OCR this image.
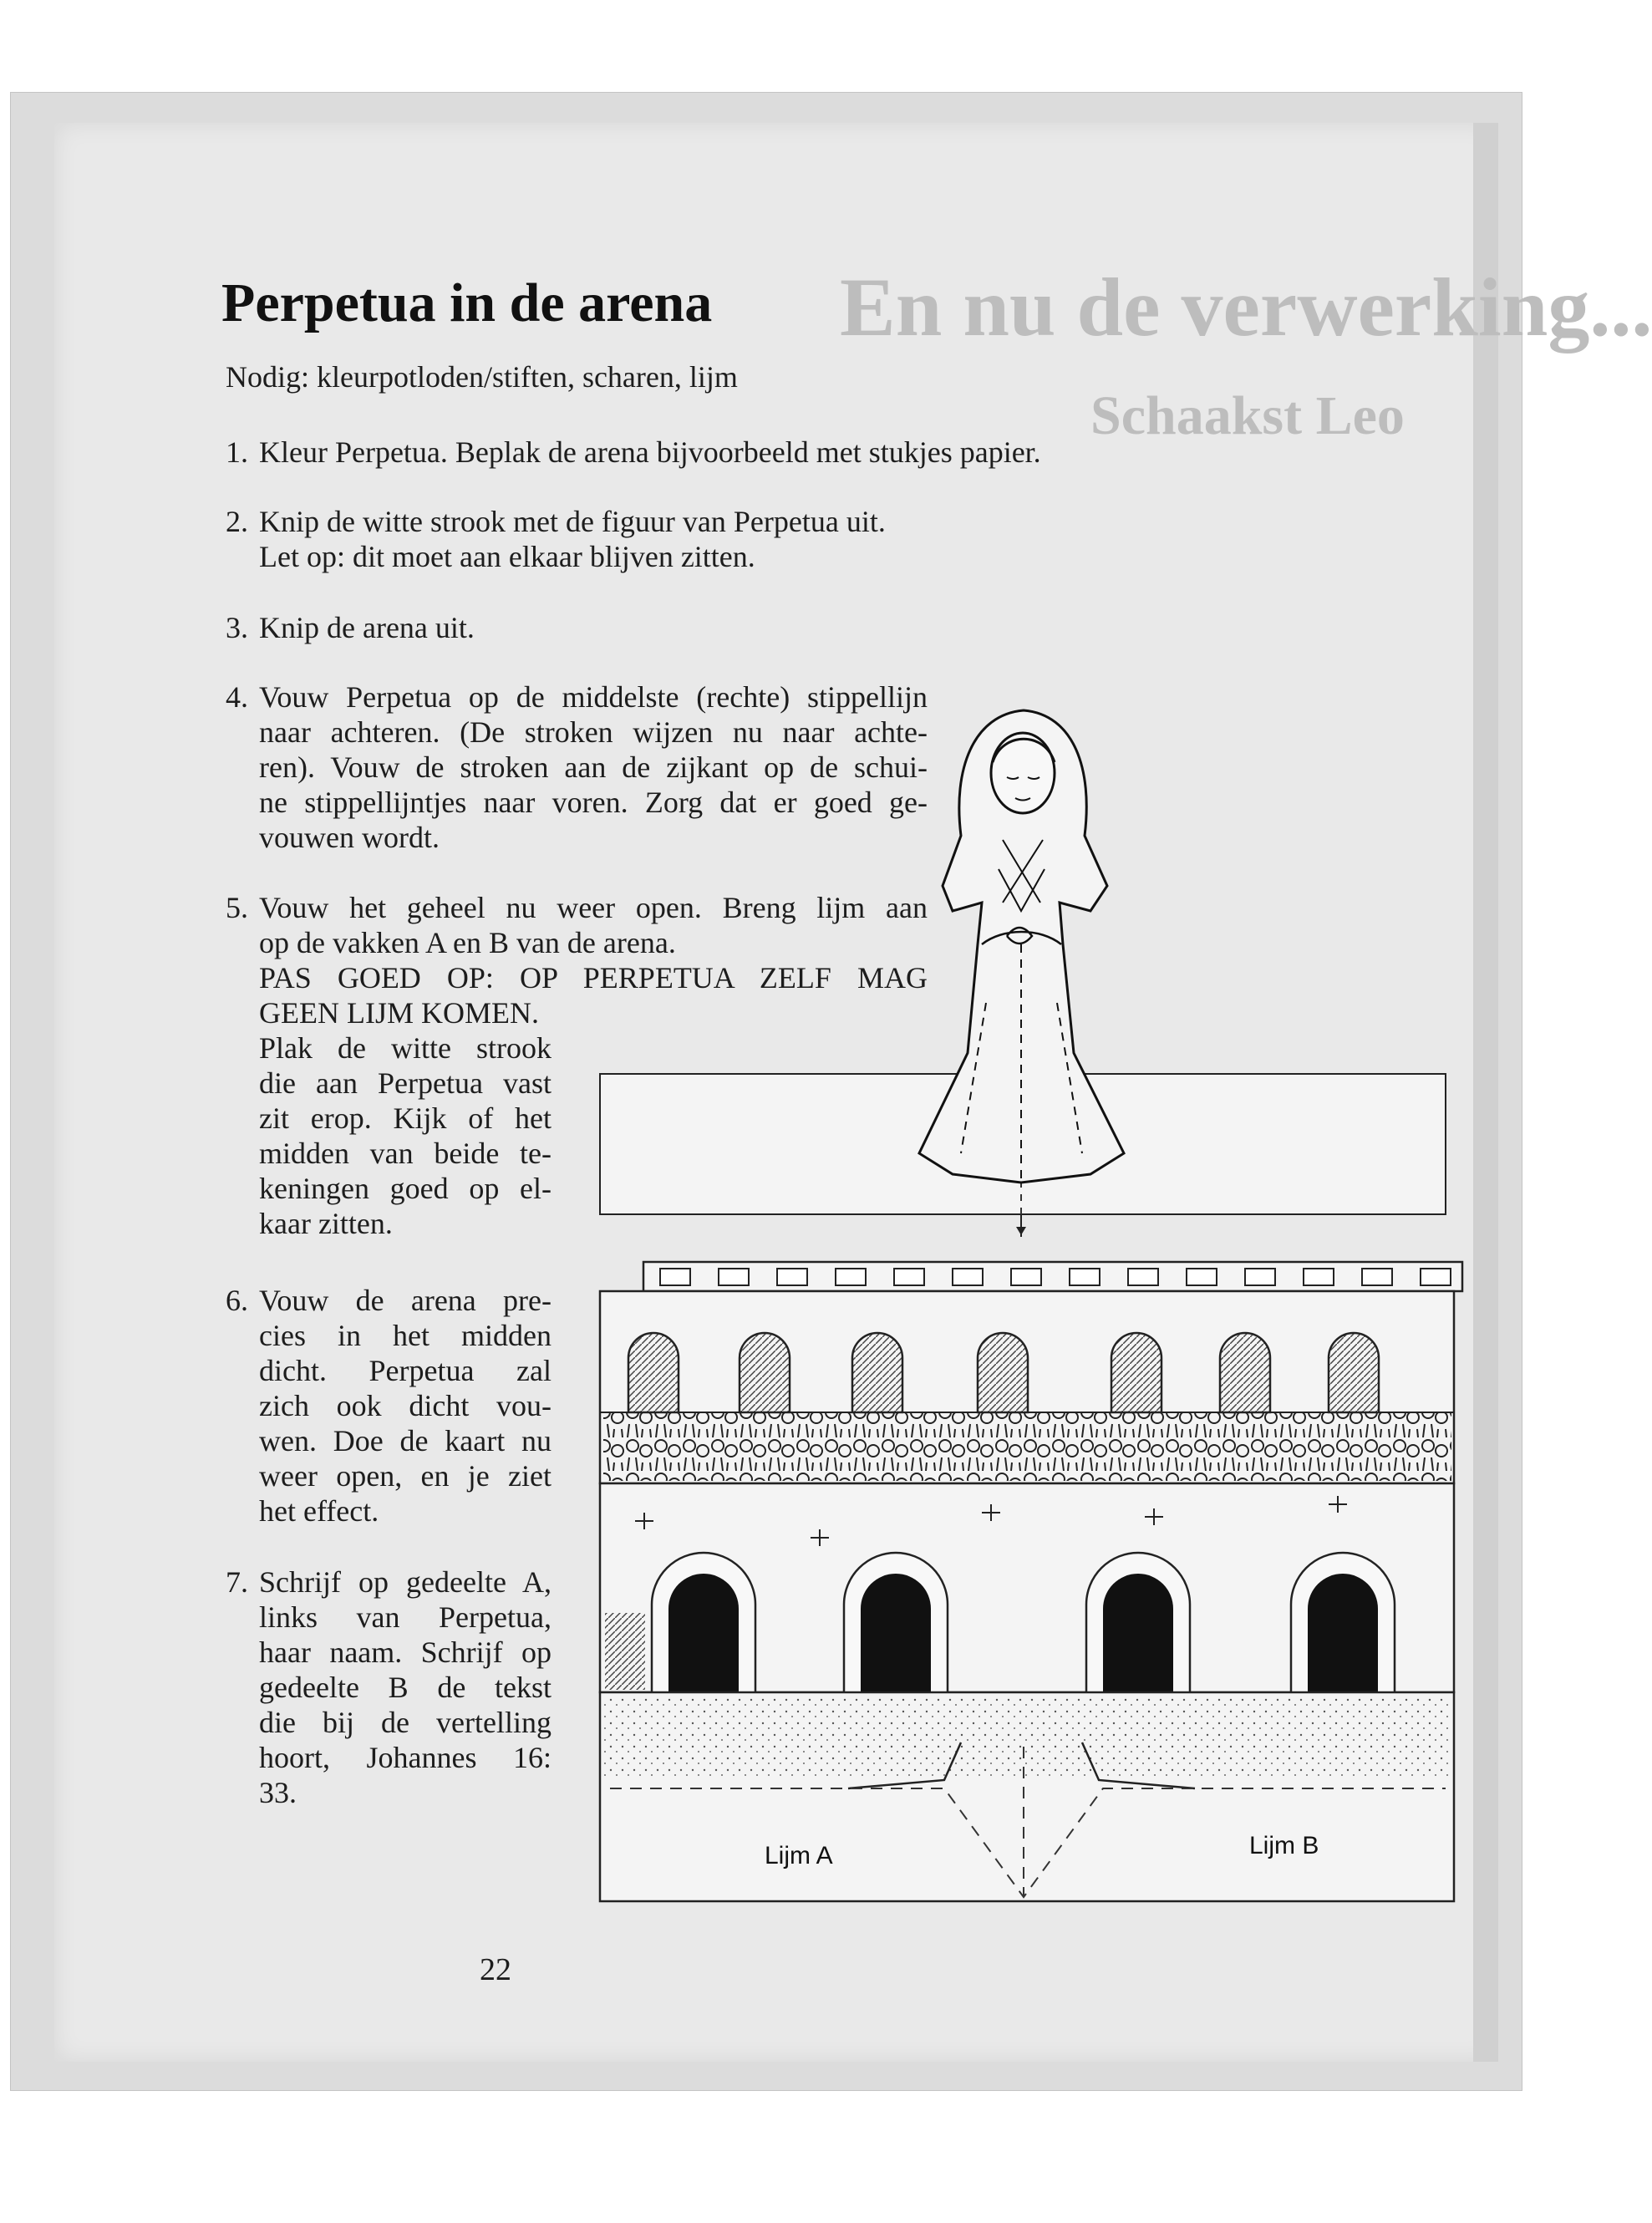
En nu de verwerking...
Schaakst Leo
Perpetua in de arena
Nodig: kleurpotloden/stiften, scharen, lijm
1. Kleur Perpetua. Beplak de arena bijvoorbeeld met stukjes papier.
2. Knip de witte strook met de figuur van Perpetua uit.
Let op: dit moet aan elkaar blijven zitten.
3. Knip de arena uit.
4. Vouw Perpetua op de middelste (rechte) stippellijn
naar achteren. (De stroken wijzen nu naar achte-
ren). Vouw de stroken aan de zijkant op de schui-
ne stippellijntjes naar voren. Zorg dat er goed ge-
vouwen wordt.
5. Vouw het geheel nu weer open. Breng lijm aan
op de vakken A en B van de arena.
PAS GOED OP: OP PERPETUA ZELF MAG
GEEN LIJM KOMEN.
Plak de witte strook
die aan Perpetua vast
zit erop. Kijk of het
midden van beide te-
keningen goed op el-
kaar zitten.
6. Vouw de arena pre-
cies in het midden
dicht. Perpetua zal
zich ook dicht vou-
wen. Doe de kaart nu
weer open, en je ziet
het effect.
7. Schrijf op gedeelte A,
links van Perpetua,
haar naam. Schrijf op
gedeelte B de tekst
die bij de vertelling
hoort, Johannes 16:
33.
Lijm A	Lijm B
22
